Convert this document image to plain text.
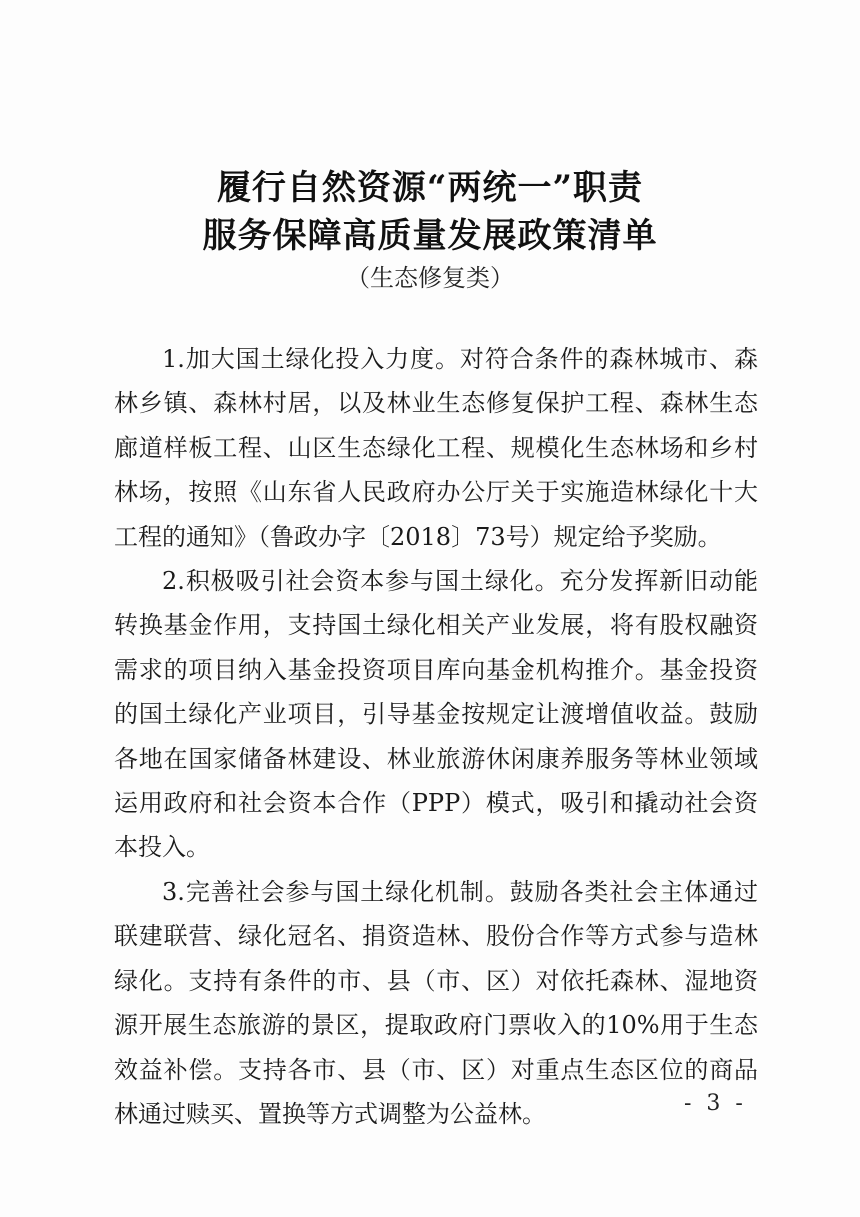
履行自然资源“两统一”职责
服务保障高质量发展政策清单
（生态修复类）

1.加大国土绿化投入力度。对符合条件的森林城市、森林乡镇、森林村居，以及林业生态修复保护工程、森林生态廊道样板工程、山区生态绿化工程、规模化生态林场和乡村林场，按照《山东省人民政府办公厅关于实施造林绿化十大工程的通知》（鲁政办字〔2018〕73号）规定给予奖励。

2.积极吸引社会资本参与国土绿化。充分发挥新旧动能转换基金作用，支持国土绿化相关产业发展，将有股权融资需求的项目纳入基金投资项目库向基金机构推介。基金投资的国土绿化产业项目，引导基金按规定让渡增值收益。鼓励各地在国家储备林建设、林业旅游休闲康养服务等林业领域运用政府和社会资本合作（PPP）模式，吸引和撬动社会资本投入。

3.完善社会参与国土绿化机制。鼓励各类社会主体通过联建联营、绿化冠名、捐资造林、股份合作等方式参与造林绿化。支持有条件的市、县（市、区）对依托森林、湿地资源开展生态旅游的景区，提取政府门票收入的10%用于生态效益补偿。支持各市、县（市、区）对重点生态区位的商品林通过赎买、置换等方式调整为公益林。	- 3 -
